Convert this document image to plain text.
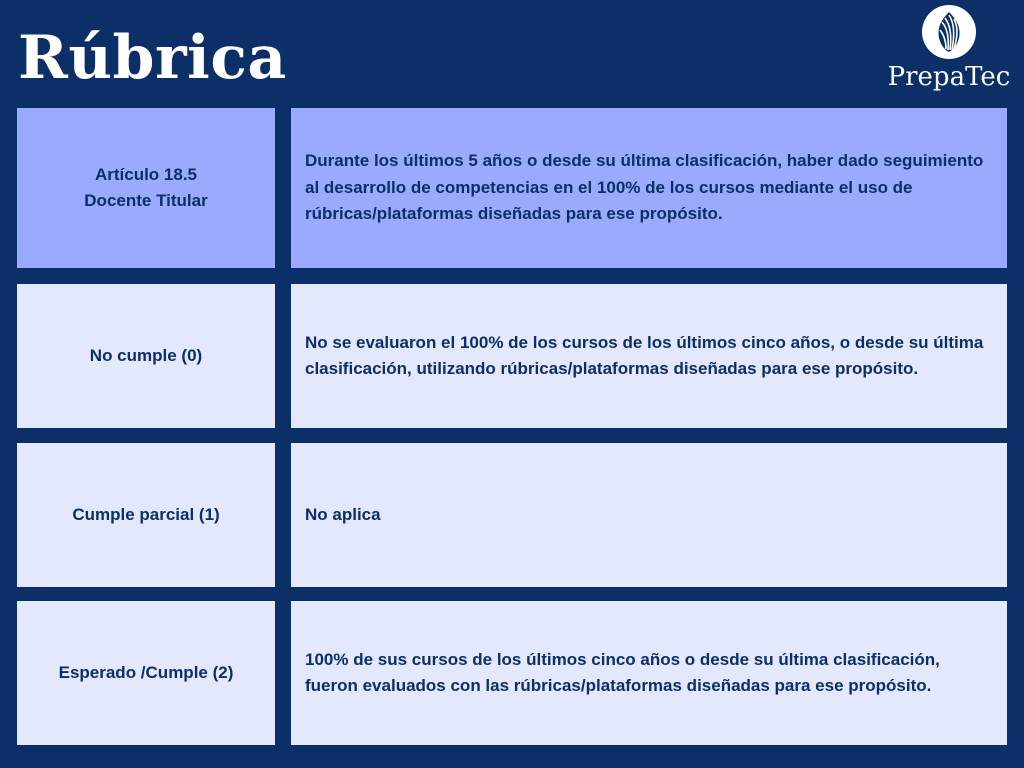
Rúbrica	PrepaTec
Artículo 18.5
Docente Titular
Durante los últimos 5 años o desde su última clasificación, haber dado seguimiento al desarrollo de competencias en el 100% de los cursos mediante el uso de rúbricas/plataformas diseñadas para ese propósito.
No cumple (0)
No se evaluaron el 100% de los cursos de los últimos cinco años, o desde su última clasificación, utilizando rúbricas/plataformas diseñadas para ese propósito.
Cumple parcial (1)	No aplica
Esperado /Cumple (2)
100% de sus cursos de los últimos cinco años o desde su última clasificación, fueron evaluados con las rúbricas/plataformas diseñadas para ese propósito.
